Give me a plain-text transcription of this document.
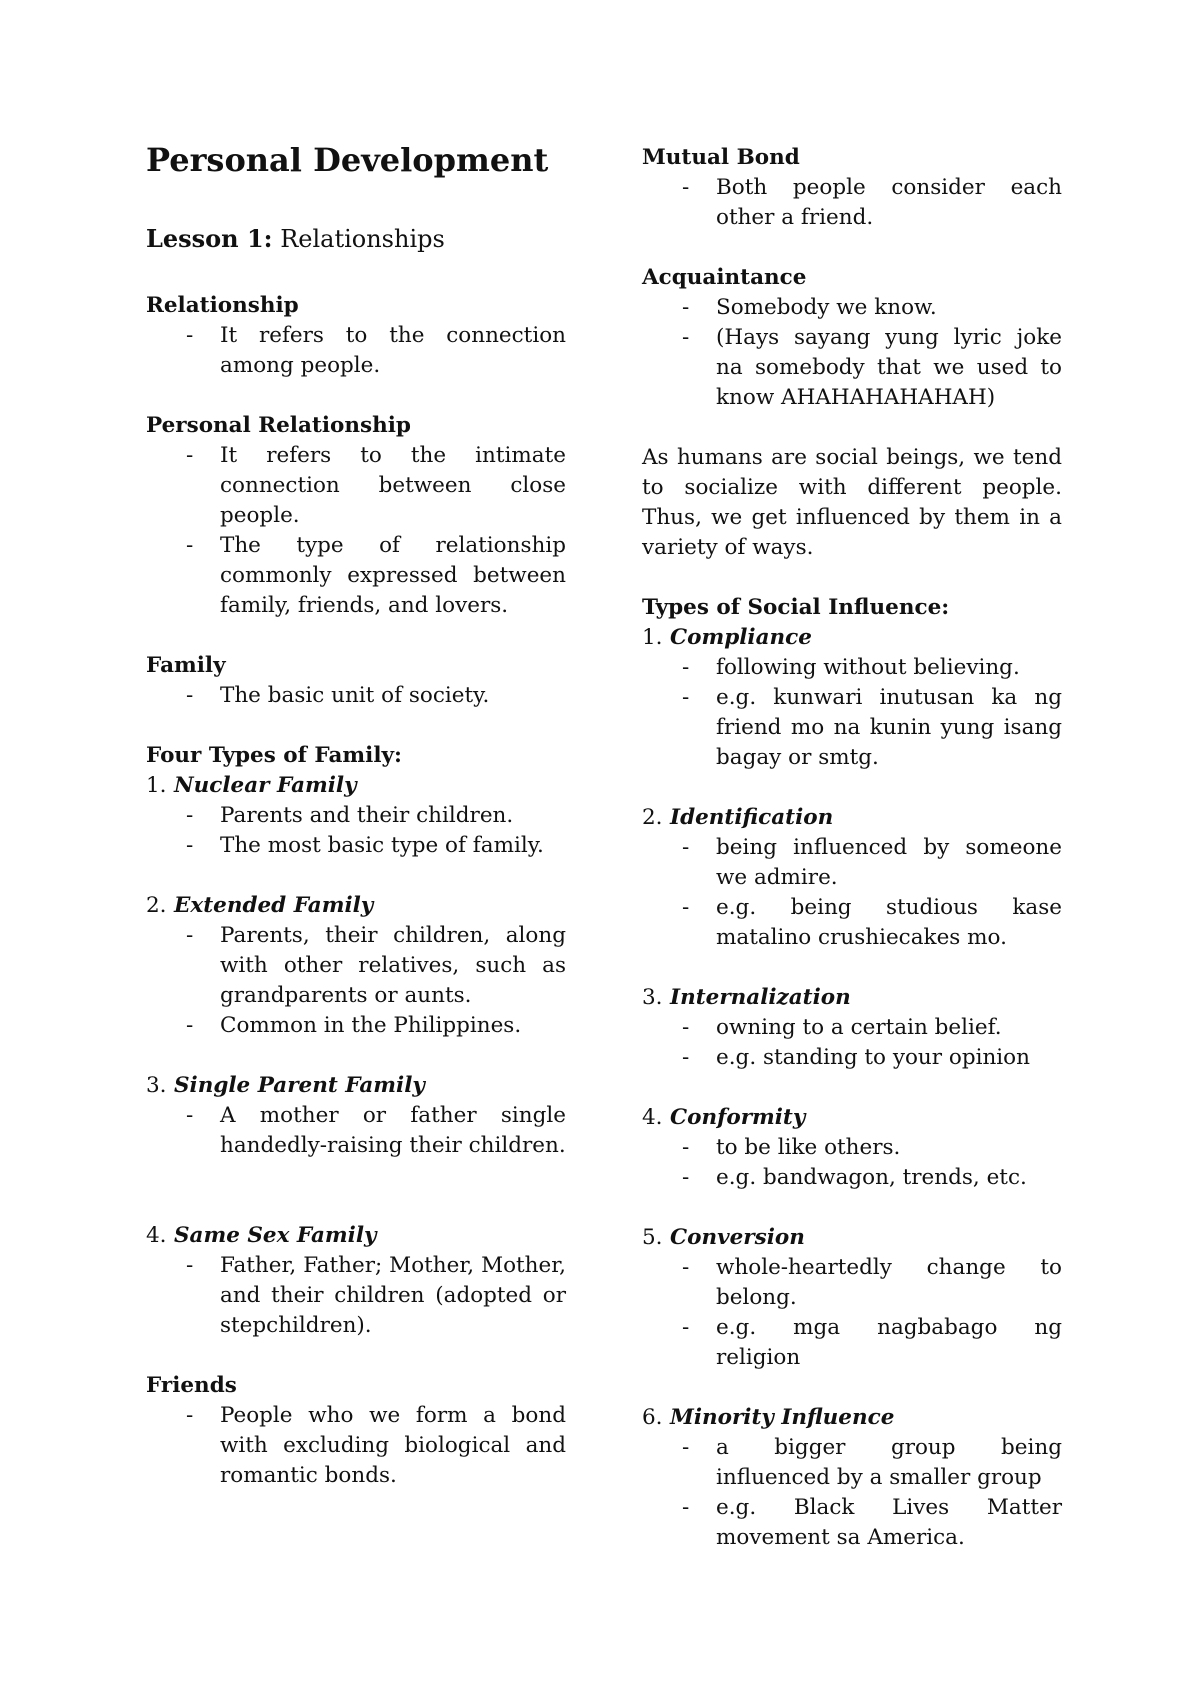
Personal Development
Lesson 1: Relationships

Relationship

- It refers to the connection among people.

Personal Relationship

- It refers to the intimate connection between close people.
- The type of relationship commonly expressed between family, friends, and lovers.

Family

- The basic unit of society.

Four Types of Family:

1. Nuclear Family

- Parents and their children.
- The most basic type of family.

2. Extended Family

- Parents, their children, along with other relatives, such as grandparents or aunts.
- Common in the Philippines.

3. Single Parent Family

- A mother or father single handedly-raising their children.

4. Same Sex Family

- Father, Father; Mother, Mother, and their children (adopted or stepchildren).

Friends

- People who we form a bond with excluding biological and romantic bonds.

Mutual Bond

- Both people consider each other a friend.

Acquaintance

- Somebody we know.
- (Hays sayang yung lyric joke na somebody that we used to know AHAHAHAHAHAH)

As humans are social beings, we tend to socialize with different people. Thus, we get influenced by them in a variety of ways.

Types of Social Influence:

1. Compliance

- following without believing.
- e.g. kunwari inutusan ka ng friend mo na kunin yung isang bagay or smtg.

2. Identification

- being influenced by someone we admire.
- e.g. being studious kase matalino crushiecakes mo.

3. Internalization

- owning to a certain belief.
- e.g. standing to your opinion

4. Conformity

- to be like others.
- e.g. bandwagon, trends, etc.

5. Conversion

- whole-heartedly change to belong.
- e.g. mga nagbabago ng religion

6. Minority Influence

- a bigger group being influenced by a smaller group
- e.g. Black Lives Matter movement sa America.
